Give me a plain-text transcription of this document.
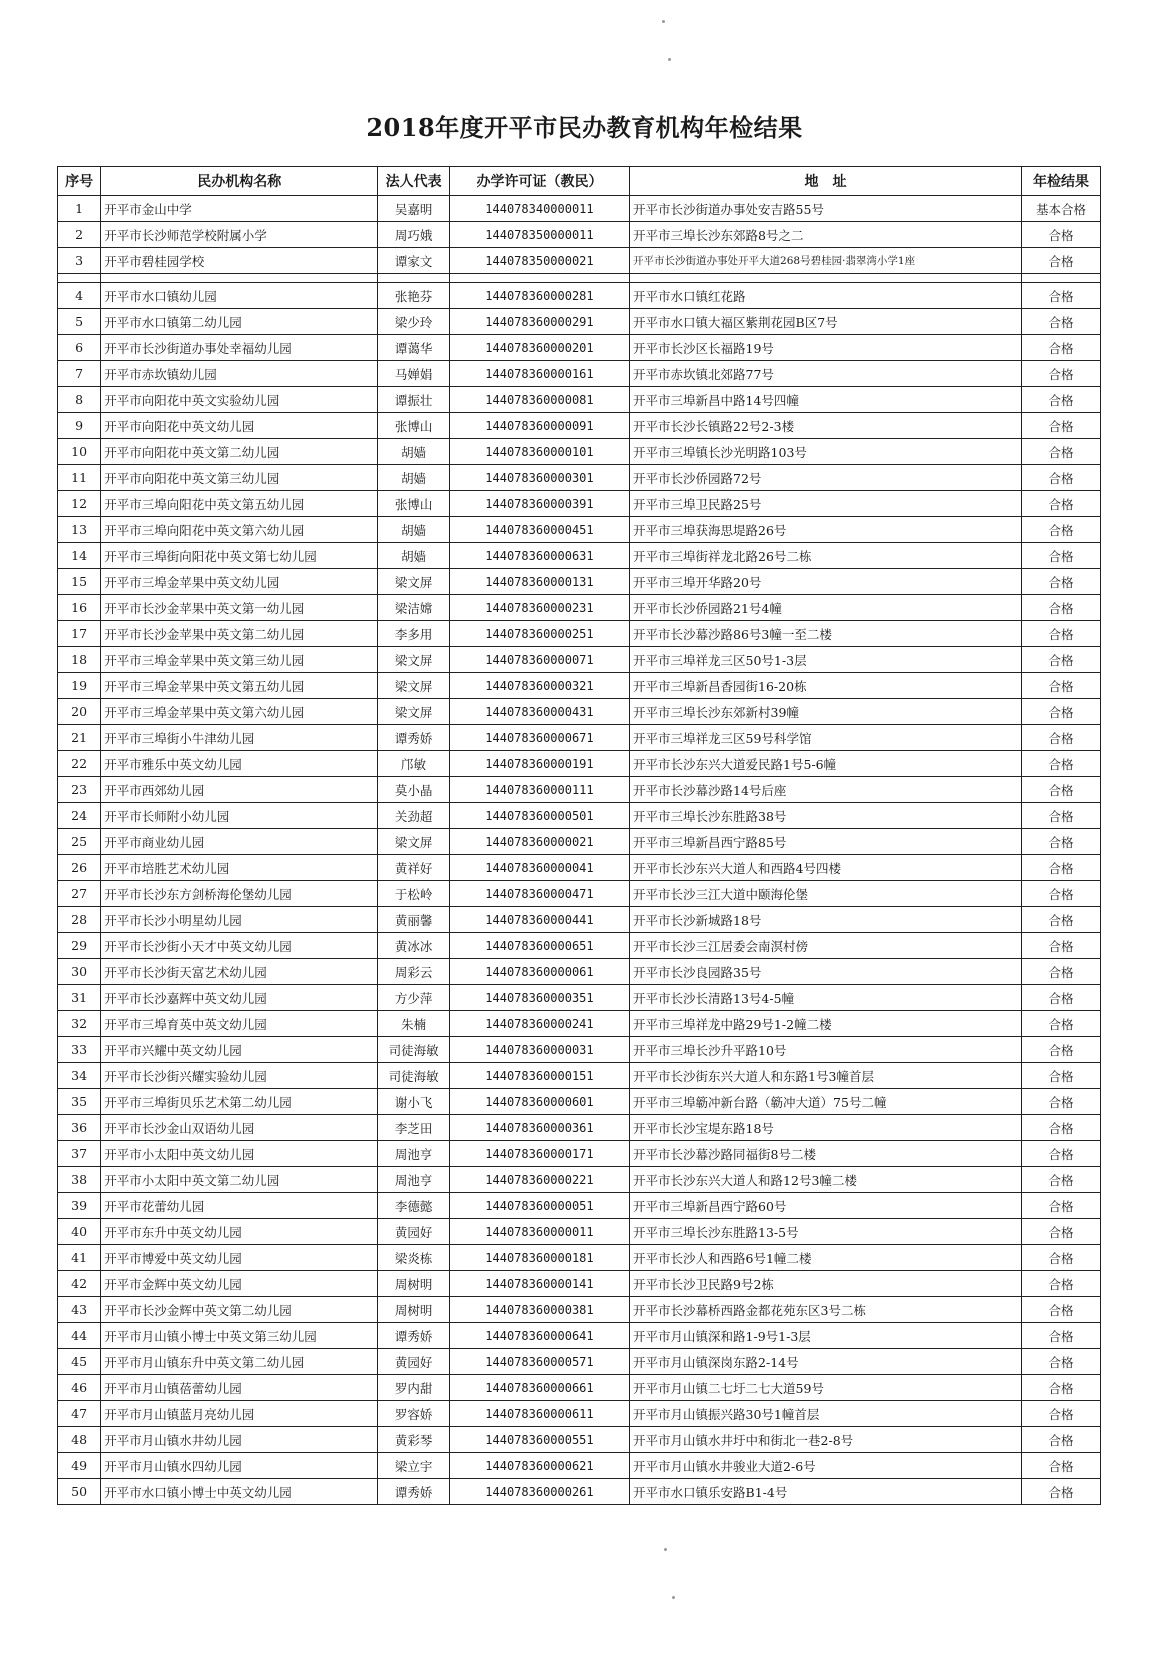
2018年度开平市民办教育机构年检结果
序号	民办机构名称	法人代表	办学许可证（教民）	地　址	年检结果
1	开平市金山中学	吴嘉明	144078340000011	开平市长沙街道办事处安吉路55号	基本合格
2	开平市长沙师范学校附属小学	周巧娥	144078350000011	开平市三埠长沙东郊路8号之二	合格
3	开平市碧桂园学校	谭家文	144078350000021	开平市长沙街道办事处开平大道268号碧桂园·翡翠湾小学1座	合格

4	开平市水口镇幼儿园	张艳芬	144078360000281	开平市水口镇红花路	合格
5	开平市水口镇第二幼儿园	梁少玲	144078360000291	开平市水口镇大福区紫荆花园B区7号	合格
6	开平市长沙街道办事处幸福幼儿园	谭蔼华	144078360000201	开平市长沙区长福路19号	合格
7	开平市赤坎镇幼儿园	马婵娟	144078360000161	开平市赤坎镇北郊路77号	合格
8	开平市向阳花中英文实验幼儿园	谭振壮	144078360000081	开平市三埠新昌中路14号四幢	合格
9	开平市向阳花中英文幼儿园	张博山	144078360000091	开平市长沙长镇路22号2-3楼	合格
10	开平市向阳花中英文第二幼儿园	胡嫱	144078360000101	开平市三埠镇长沙光明路103号	合格
11	开平市向阳花中英文第三幼儿园	胡嫱	144078360000301	开平市长沙侨园路72号	合格
12	开平市三埠向阳花中英文第五幼儿园	张博山	144078360000391	开平市三埠卫民路25号	合格
13	开平市三埠向阳花中英文第六幼儿园	胡嫱	144078360000451	开平市三埠获海思堤路26号	合格
14	开平市三埠街向阳花中英文第七幼儿园	胡嫱	144078360000631	开平市三埠街祥龙北路26号二栋	合格
15	开平市三埠金苹果中英文幼儿园	梁文屏	144078360000131	开平市三埠开华路20号	合格
16	开平市长沙金苹果中英文第一幼儿园	梁洁嫦	144078360000231	开平市长沙侨园路21号4幢	合格
17	开平市长沙金苹果中英文第二幼儿园	李多用	144078360000251	开平市长沙幕沙路86号3幢一至二楼	合格
18	开平市三埠金苹果中英文第三幼儿园	梁文屏	144078360000071	开平市三埠祥龙三区50号1-3层	合格
19	开平市三埠金苹果中英文第五幼儿园	梁文屏	144078360000321	开平市三埠新昌香园街16-20栋	合格
20	开平市三埠金苹果中英文第六幼儿园	梁文屏	144078360000431	开平市三埠长沙东郊新村39幢	合格
21	开平市三埠街小牛津幼儿园	谭秀娇	144078360000671	开平市三埠祥龙三区59号科学馆	合格
22	开平市雅乐中英文幼儿园	邝敏	144078360000191	开平市长沙东兴大道爱民路1号5-6幢	合格
23	开平市西郊幼儿园	莫小晶	144078360000111	开平市长沙幕沙路14号后座	合格
24	开平市长师附小幼儿园	关劲超	144078360000501	开平市三埠长沙东胜路38号	合格
25	开平市商业幼儿园	梁文屏	144078360000021	开平市三埠新昌西宁路85号	合格
26	开平市培胜艺术幼儿园	黄祥好	144078360000041	开平市长沙东兴大道人和西路4号四楼	合格
27	开平市长沙东方剑桥海伦堡幼儿园	于松岭	144078360000471	开平市长沙三江大道中颐海伦堡	合格
28	开平市长沙小明星幼儿园	黄丽馨	144078360000441	开平市长沙新城路18号	合格
29	开平市长沙街小天才中英文幼儿园	黄冰冰	144078360000651	开平市长沙三江居委会南溟村傍	合格
30	开平市长沙街天富艺术幼儿园	周彩云	144078360000061	开平市长沙良园路35号	合格
31	开平市长沙嘉辉中英文幼儿园	方少萍	144078360000351	开平市长沙长清路13号4-5幢	合格
32	开平市三埠育英中英文幼儿园	朱楠	144078360000241	开平市三埠祥龙中路29号1-2幢二楼	合格
33	开平市兴耀中英文幼儿园	司徒海敏	144078360000031	开平市三埠长沙升平路10号	合格
34	开平市长沙街兴耀实验幼儿园	司徒海敏	144078360000151	开平市长沙街东兴大道人和东路1号3幢首层	合格
35	开平市三埠街贝乐艺术第二幼儿园	谢小飞	144078360000601	开平市三埠簕冲新台路（簕冲大道）75号二幢	合格
36	开平市长沙金山双语幼儿园	李芝田	144078360000361	开平市长沙宝堤东路18号	合格
37	开平市小太阳中英文幼儿园	周池亨	144078360000171	开平市长沙幕沙路同福街8号二楼	合格
38	开平市小太阳中英文第二幼儿园	周池亨	144078360000221	开平市长沙东兴大道人和路12号3幢二楼	合格
39	开平市花蕾幼儿园	李德懿	144078360000051	开平市三埠新昌西宁路60号	合格
40	开平市东升中英文幼儿园	黄园好	144078360000011	开平市三埠长沙东胜路13-5号	合格
41	开平市博爱中英文幼儿园	梁炎栋	144078360000181	开平市长沙人和西路6号1幢二楼	合格
42	开平市金辉中英文幼儿园	周树明	144078360000141	开平市长沙卫民路9号2栋	合格
43	开平市长沙金辉中英文第二幼儿园	周树明	144078360000381	开平市长沙幕桥西路金都花苑东区3号二栋	合格
44	开平市月山镇小博士中英文第三幼儿园	谭秀娇	144078360000641	开平市月山镇深和路1-9号1-3层	合格
45	开平市月山镇东升中英文第二幼儿园	黄园好	144078360000571	开平市月山镇深岗东路2-14号	合格
46	开平市月山镇蓓蕾幼儿园	罗内甜	144078360000661	开平市月山镇二七圩二七大道59号	合格
47	开平市月山镇蓝月亮幼儿园	罗容娇	144078360000611	开平市月山镇振兴路30号1幢首层	合格
48	开平市月山镇水井幼儿园	黄彩琴	144078360000551	开平市月山镇水井圩中和街北一巷2-8号	合格
49	开平市月山镇水四幼儿园	梁立宇	144078360000621	开平市月山镇水井骏业大道2-6号	合格
50	开平市水口镇小博士中英文幼儿园	谭秀娇	144078360000261	开平市水口镇乐安路B1-4号	合格
